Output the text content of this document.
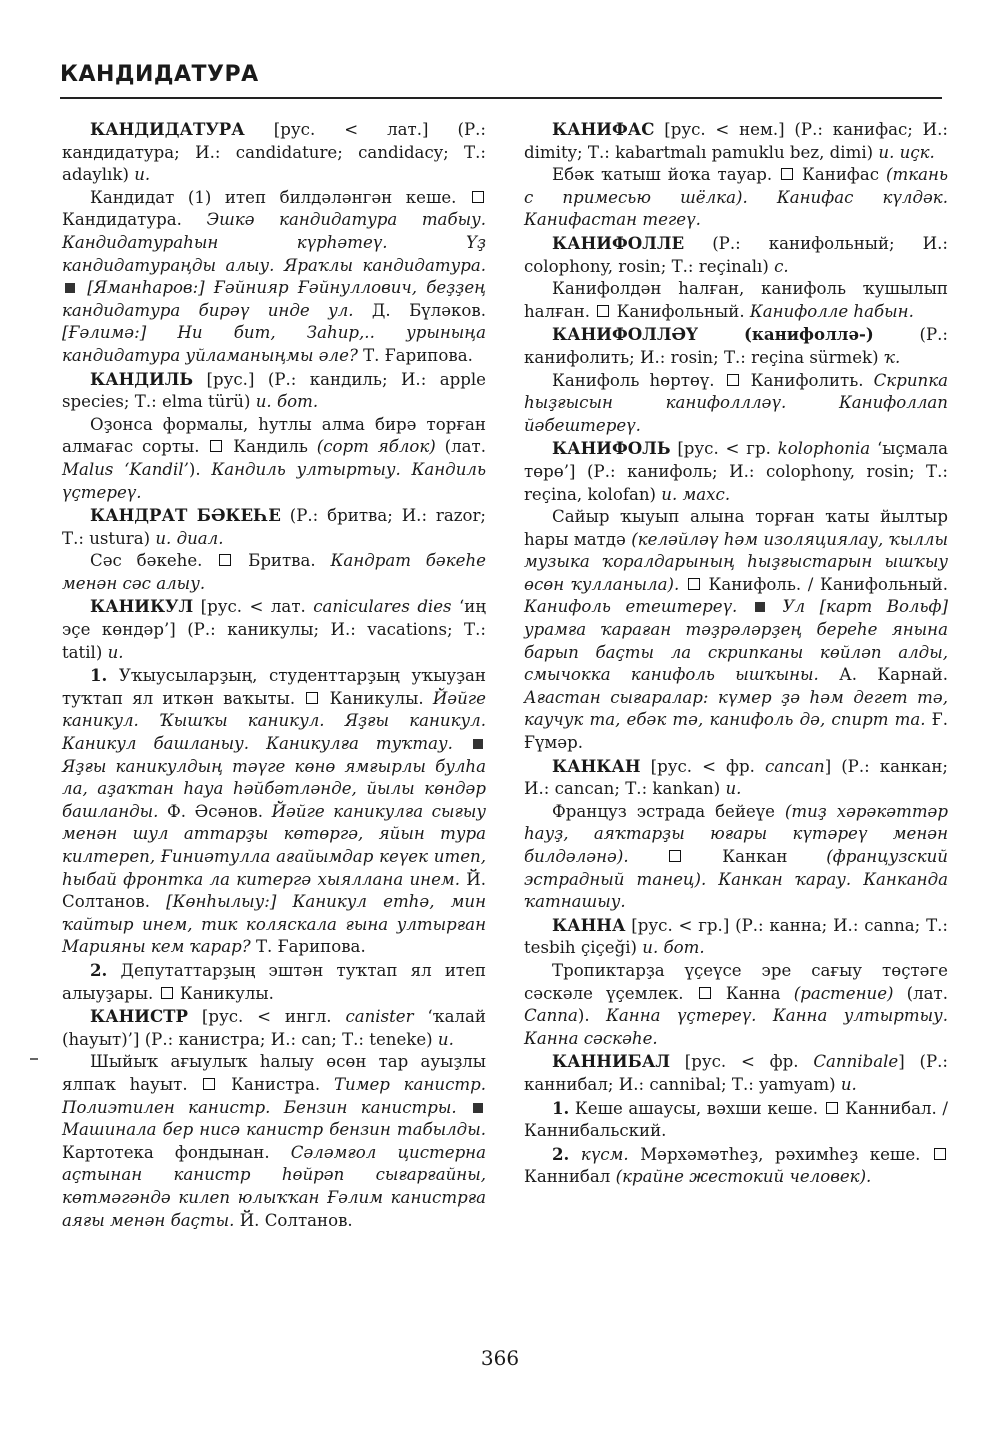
КАНДИДАТУРА

КАНДИДАТУРА [рус. < лат.] (Р.: кандидатура; И.: candidature; candidacy; Т.: adaylık) и.

Кандидат (1) итеп билдәләнгән кеше.  Кандидатура. Эшкә кандидатура табыу. Кандидатураһын күрһәтеү. Үҙ кандидатураңды алыу. Яраҡлы кандидатура.  [Яманһаров:] Ғәйнияр Ғәйнуллович, беҙҙең кандидатура бирәү инде ул. Д. Бүләков. [Ғәлимә:] Ни бит, Заһир,.. урыныңа кандидатура уйламаныңмы әле? Т. Ғарипова.

КАНДИЛЬ [рус.] (Р.: кандиль; И.: apple species; Т.: elma türü) и. бот.

Оҙонса формалы, һутлы алма бирә торған алмағас сорты.  Кандиль (сорт яблок) (лат. Malus ‘Kandil’). Кандиль ултыртыу. Кандиль үҫтереү.

КАНДРАТ БӘКЕҺЕ (Р.: бритва; И.: razor; Т.: ustura) и. диал.

Сәс бәкеһе.  Бритва. Кандрат бәкеһе менән сәс алыу.

КАНИКУЛ [рус. < лат. caniculares dies ‘иң эҫе көндәр’] (Р.: каникулы; И.: vacations; Т.: tatil) и.

1. Уҡыусыларҙың, студенттарҙың уҡыуҙан туҡтап ял иткән ваҡыты.  Каникулы. Йәйге каникул. Ҡышҡы каникул. Яҙғы каникул. Каникул башланыу. Каникулға туҡтау.  Яҙғы каникулдың тәүге көнө ямғырлы булһа ла, аҙаҡтан һауа һәйбәтләнде, йылы көндәр башланды. Ф. Әсәнов. Йәйге каникулға сығыу менән шул аттарҙы көтөргә, яйын тура килтереп, Ғиниәтулла ағайымдар кеүек итеп, һыбай фронтка ла китергә хыяллана инем. Й. Солтанов. [Көнһылыу:] Каникул етһә, мин ҡайтыр инем, тик коляскала ғына ултырған Марияны кем ҡарар? Т. Ғарипова.

2. Депутаттарҙың эштән туҡтап ял итеп алыуҙары.  Каникулы.

КАНИСТР [рус. < ингл. canister ‘ҡалай (һауыт)’] (Р.: канистра; И.: can; Т.: teneke) и.

Шыйыҡ ағыулыҡ һалыу өсөн тар ауыҙлы ялпаҡ һауыт.  Канистра. Тимер канистр. Полиэтилен канистр. Бензин канистры.  Машинала бер нисә канистр бензин табылды. Картотека фондынан. Сәләмғол цистерна аҫтынан канистр һөйрәп сығарғайны, көтмәгәндә килеп юлыҡҡан Ғәлим канистрға аяғы менән баҫты. Й. Солтанов.

КАНИФАС [рус. < нем.] (Р.: канифас; И.: dimity; Т.: kabartmalı pamuklu bez, dimi) и. иҫк.

Ебәк ҡатыш йоҡа тауар.  Канифас (ткань с примесью шёлка). Канифас күлдәк. Канифастан тегеү.

КАНИФОЛЛЕ (Р.: канифольный; И.: colophony, rosin; Т.: reçinalı) с.

Канифолдән һалған, канифоль ҡушылып һалған.  Канифольный. Канифолле һабын.

КАНИФОЛЛӘҮ (канифоллә-) (Р.: канифолить; И.: rosin; Т.: reçina sürmek) ҡ.

Канифоль һөртөү.  Канифолить. Скрипка һыҙғысын канифоллләү. Канифоллап йәбештереү.

КАНИФОЛЬ [рус. < гр. kolophonia ‘ыҫмала төрө’] (Р.: канифоль; И.: colophony, rosin; Т.: reçina, kolofan) и. махс.

Сайыр ҡыуып алына торған ҡаты йылтыр һары матдә (келәйләү һәм изоляциялау, ҡыллы музыка ҡоралдарының һыҙғыстарын ышҡыу өсөн ҡулланыла).  Канифоль. / Канифольный. Канифоль етештереү.	Ул [карт Вольф] урамға ҡараған тәҙрәләрҙең береһе янына барып баҫты ла скрипканы көйләп алды, смычокка канифоль ышҡыны. А. Карнай. Ағастан сығаралар: күмер ҙә һәм дегет тә, каучук та, ебәк тә, канифоль дә, спирт та. Ғ. Ғүмәр.

КАНКАН [рус. < фр. cancan] (Р.: канкан; И.: cancan; Т.: kankan) и.

Француз эстрада бейеүе (тиҙ хәрәкәттәр һауҙ, аяҡтарҙы юғары күтәреү менән билдәләнә).	Канкан (французский эстрадный танец). Канкан ҡарау. Канканда ҡатнашыу.

КАННА [рус. < гр.] (Р.: канна; И.: canna; Т.: tesbih çiçeği) и. бот.

Тропиктарҙа үҫеүсе эре сағыу төҫтәге сәскәле үҫемлек.  Канна (растение) (лат. Canna). Канна үҫтереү. Канна ултыртыу. Канна сәскәһе.

КАННИБАЛ [рус. < фр. Cannibale] (Р.: каннибал; И.: cannibal; Т.: yamyam) и.

1. Кеше ашаусы, вәхши кеше.  Каннибал. / Каннибальский.

2. күсм. Мәрхәмәтһеҙ, рәхимһеҙ кеше.  Каннибал (крайне жестокий человек).

366
